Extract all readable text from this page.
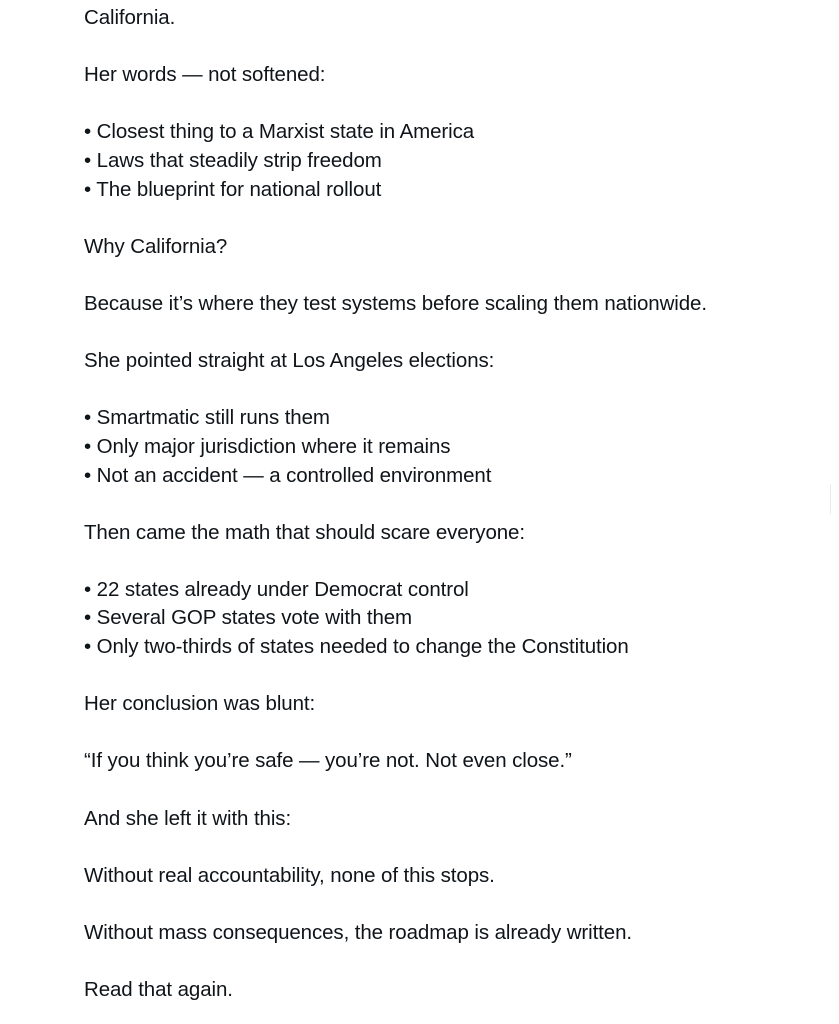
California.
Her words — not softened:
• Closest thing to a Marxist state in America
• Laws that steadily strip freedom
• The blueprint for national rollout
Why California?
Because it’s where they test systems before scaling them nationwide.
She pointed straight at Los Angeles elections:
• Smartmatic still runs them
• Only major jurisdiction where it remains
• Not an accident — a controlled environment
Then came the math that should scare everyone:
• 22 states already under Democrat control
• Several GOP states vote with them
• Only two-thirds of states needed to change the Constitution
Her conclusion was blunt:
“If you think you’re safe — you’re not. Not even close.”
And she left it with this:
Without real accountability, none of this stops.
Without mass consequences, the roadmap is already written.
Read that again.
